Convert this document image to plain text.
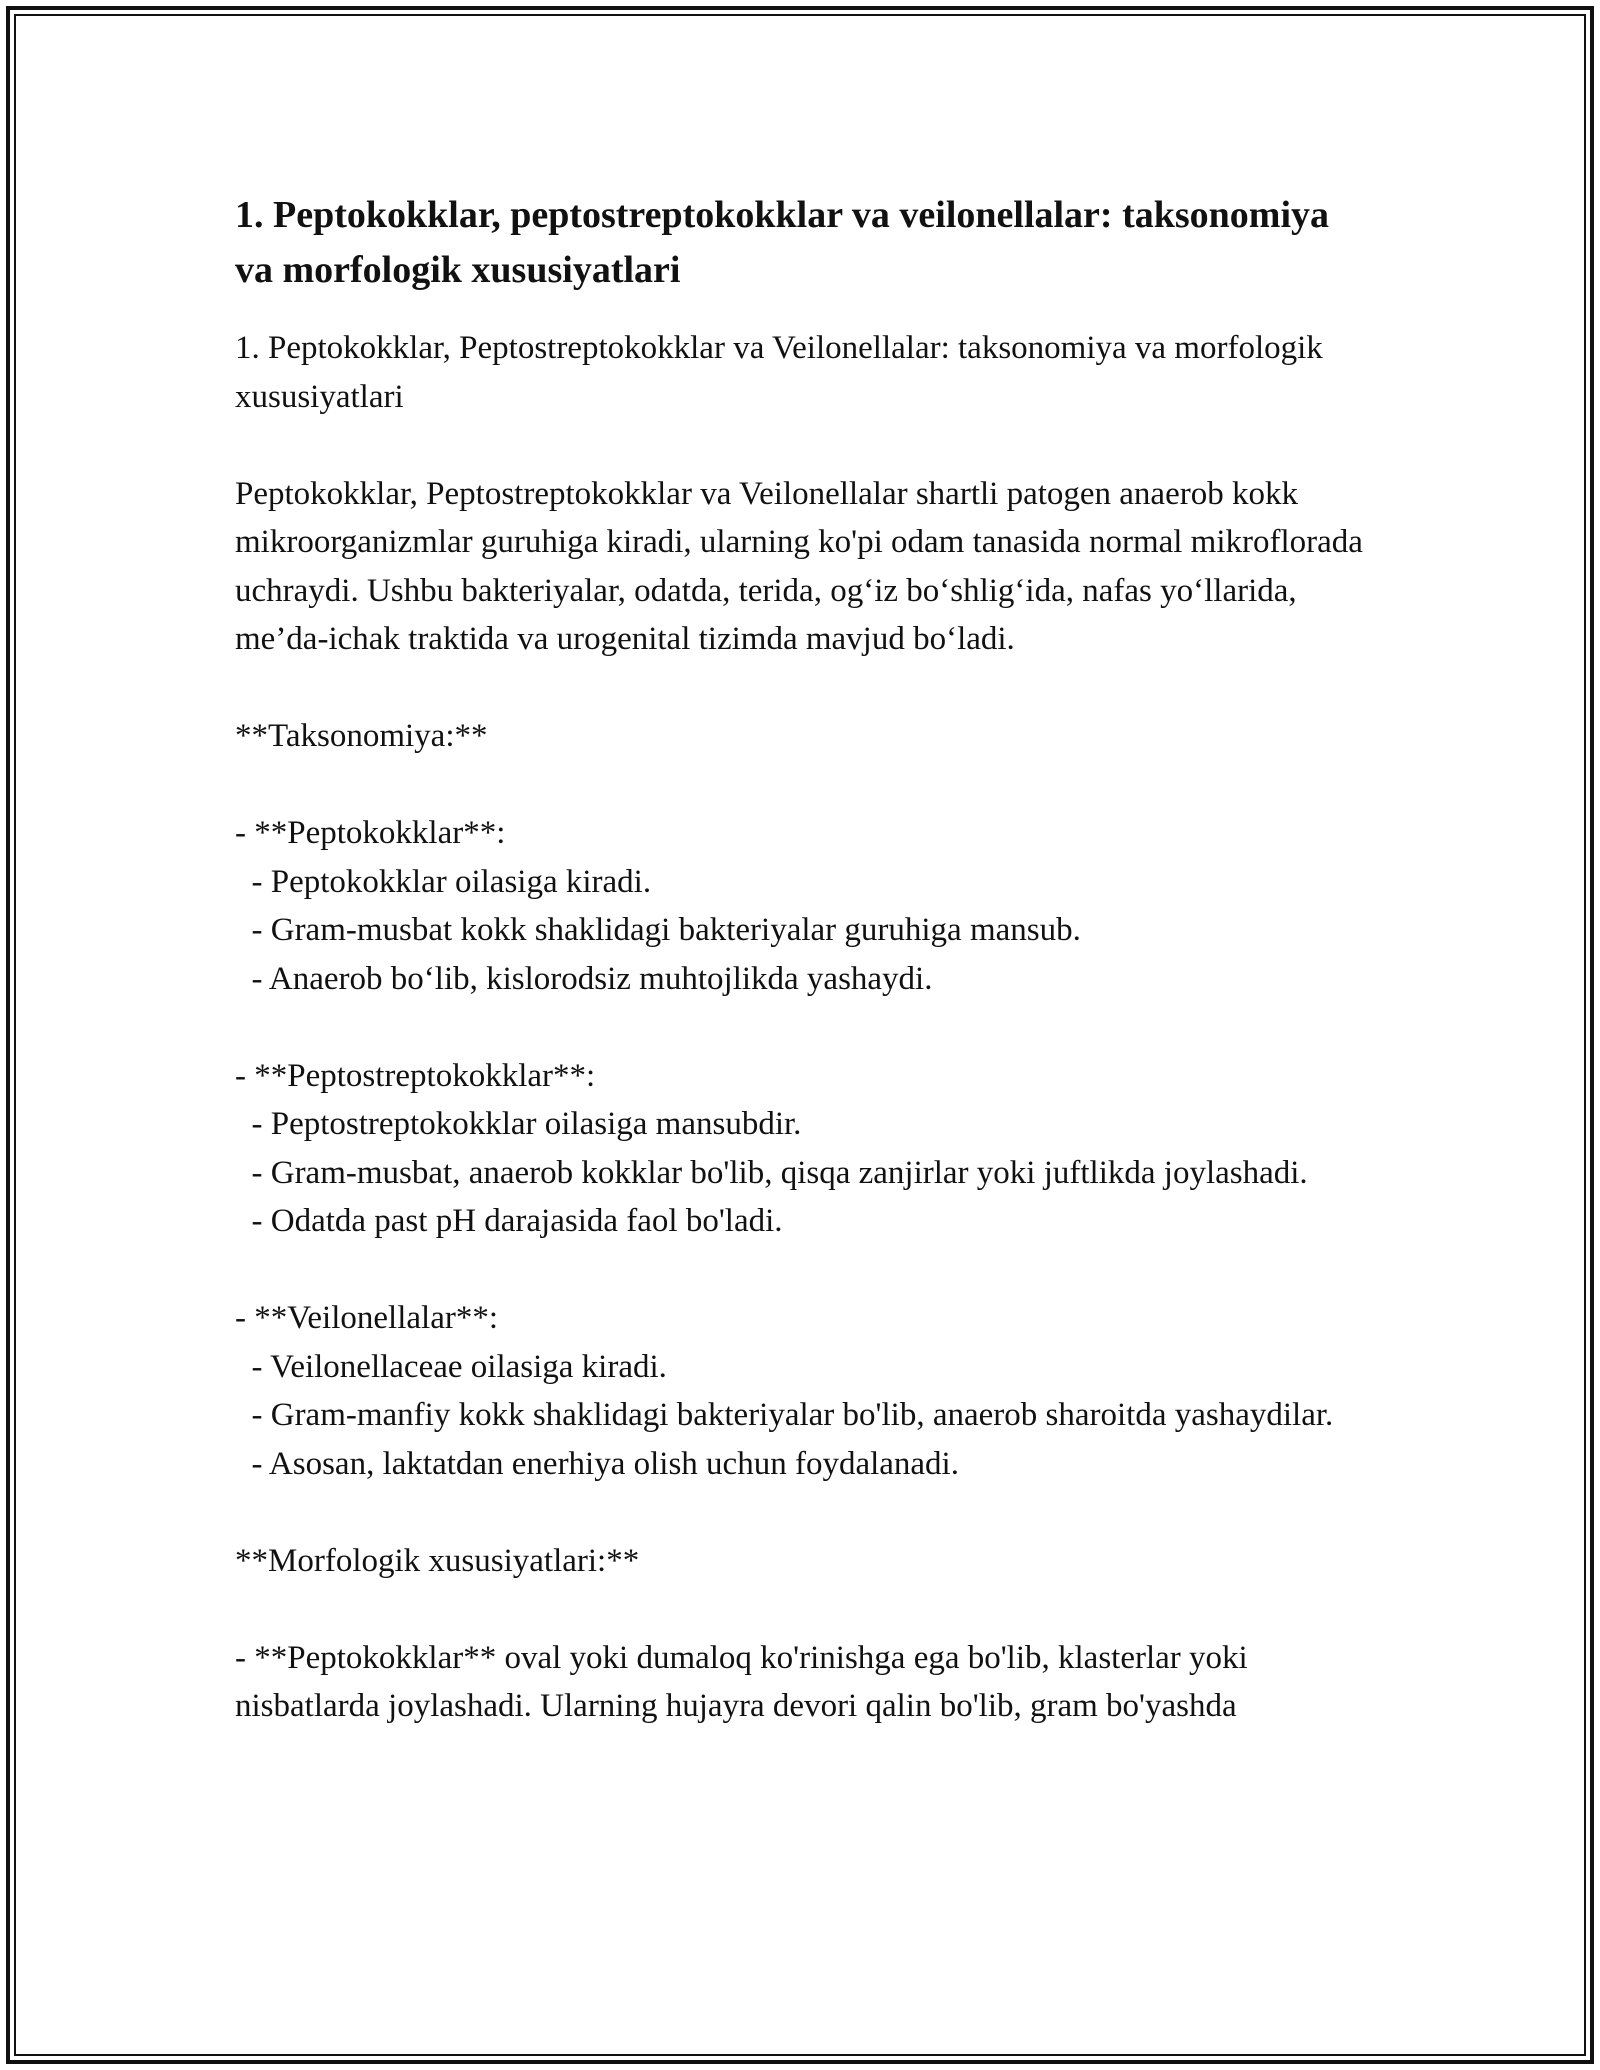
1. Peptokokklar, peptostreptokokklar va veilonellalar: taksonomiya va morfologik xususiyatlari

1. Peptokokklar, Peptostreptokokklar va Veilonellalar: taksonomiya va morfologik xususiyatlari

Peptokokklar, Peptostreptokokklar va Veilonellalar shartli patogen anaerob kokk mikroorganizmlar guruhiga kiradi, ularning ko'pi odam tanasida normal mikroflorada uchraydi. Ushbu bakteriyalar, odatda, terida, og‘iz bo‘shlig‘ida, nafas yo‘llarida, me’da-ichak traktida va urogenital tizimda mavjud bo‘ladi.

**Taksonomiya:**

- **Peptokokklar**:
- Peptokokklar oilasiga kiradi.
- Gram-musbat kokk shaklidagi bakteriyalar guruhiga mansub.
- Anaerob bo‘lib, kislorodsiz muhtojlikda yashaydi.

- **Peptostreptokokklar**:
- Peptostreptokokklar oilasiga mansubdir.
- Gram-musbat, anaerob kokklar bo'lib, qisqa zanjirlar yoki juftlikda joylashadi.
- Odatda past pH darajasida faol bo'ladi.

- **Veilonellalar**:
- Veilonellaceae oilasiga kiradi.
- Gram-manfiy kokk shaklidagi bakteriyalar bo'lib, anaerob sharoitda yashaydilar.
- Asosan, laktatdan enerhiya olish uchun foydalanadi.

**Morfologik xususiyatlari:**

- **Peptokokklar** oval yoki dumaloq ko'rinishga ega bo'lib, klasterlar yoki nisbatlarda joylashadi. Ularning hujayra devori qalin bo'lib, gram bo'yashda
